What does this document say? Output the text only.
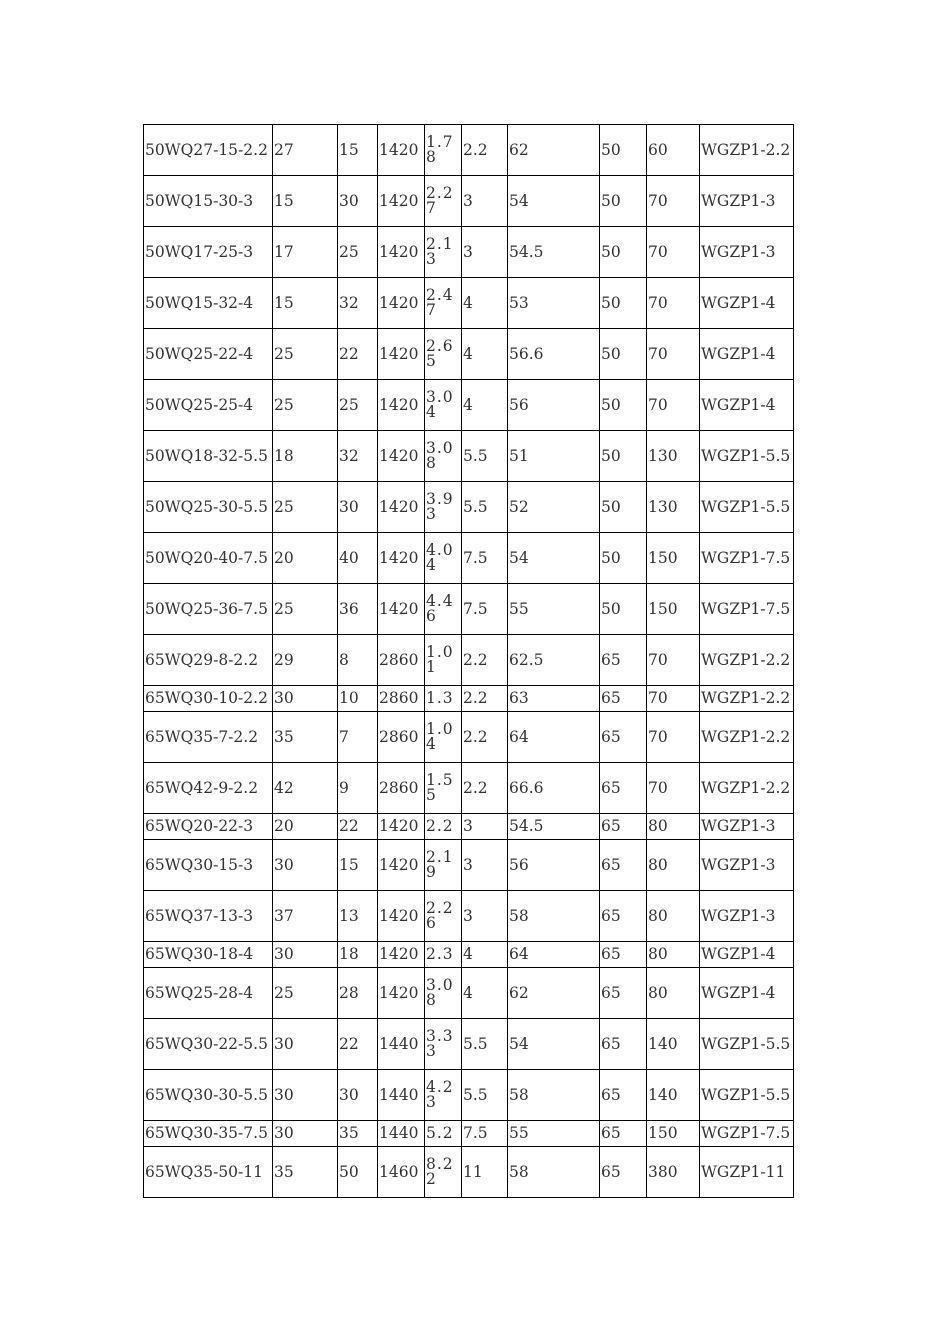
50WQ27-15-2.2	27	15	1420	1.78	2.2	62	50	60	WGZP1-2.2
50WQ15-30-3	15	30	1420	2.27	3	54	50	70	WGZP1-3
50WQ17-25-3	17	25	1420	2.13	3	54.5	50	70	WGZP1-3
50WQ15-32-4	15	32	1420	2.47	4	53	50	70	WGZP1-4
50WQ25-22-4	25	22	1420	2.65	4	56.6	50	70	WGZP1-4
50WQ25-25-4	25	25	1420	3.04	4	56	50	70	WGZP1-4
50WQ18-32-5.5	18	32	1420	3.08	5.5	51	50	130	WGZP1-5.5
50WQ25-30-5.5	25	30	1420	3.93	5.5	52	50	130	WGZP1-5.5
50WQ20-40-7.5	20	40	1420	4.04	7.5	54	50	150	WGZP1-7.5
50WQ25-36-7.5	25	36	1420	4.46	7.5	55	50	150	WGZP1-7.5
65WQ29-8-2.2	29	8	2860	1.01	2.2	62.5	65	70	WGZP1-2.2
65WQ30-10-2.2	30	10	2860	1.3	2.2	63	65	70	WGZP1-2.2
65WQ35-7-2.2	35	7	2860	1.04	2.2	64	65	70	WGZP1-2.2
65WQ42-9-2.2	42	9	2860	1.55	2.2	66.6	65	70	WGZP1-2.2
65WQ20-22-3	20	22	1420	2.2	3	54.5	65	80	WGZP1-3
65WQ30-15-3	30	15	1420	2.19	3	56	65	80	WGZP1-3
65WQ37-13-3	37	13	1420	2.26	3	58	65	80	WGZP1-3
65WQ30-18-4	30	18	1420	2.3	4	64	65	80	WGZP1-4
65WQ25-28-4	25	28	1420	3.08	4	62	65	80	WGZP1-4
65WQ30-22-5.5	30	22	1440	3.33	5.5	54	65	140	WGZP1-5.5
65WQ30-30-5.5	30	30	1440	4.23	5.5	58	65	140	WGZP1-5.5
65WQ30-35-7.5	30	35	1440	5.2	7.5	55	65	150	WGZP1-7.5
65WQ35-50-11	35	50	1460	8.22	11	58	65	380	WGZP1-11
